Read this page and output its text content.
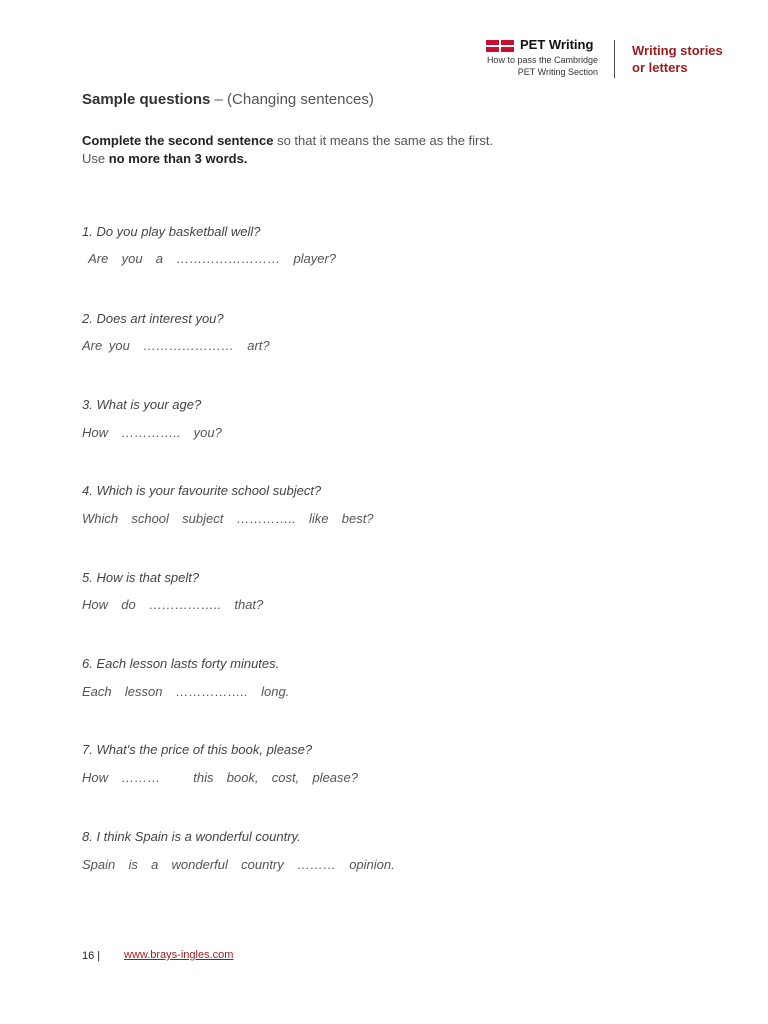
PET Writing
How to pass the Cambridge
PET Writing Section
Writing stories
or letters
Sample questions – (Changing sentences)
Complete the second sentence so that it means the same as the first.
Use no more than 3 words.
1. Do you play basketball well?
Are  you  a  ……………………  player?
2. Does art interest you?
Are you  …………………  art?
3. What is your age?
How  …………..  you?
4. Which is your favourite school subject?
Which  school  subject  …………..  like  best?
5. How is that spelt?
How  do  ……………..  that?
6. Each lesson lasts forty minutes.
Each  lesson  ……………..  long.
7. What's the price of this book, please?
How  ………     this  book,  cost,  please?
8. I think Spain is a wonderful country.
Spain  is  a  wonderful  country  ………  opinion.
16 | www.brays-ingles.com
